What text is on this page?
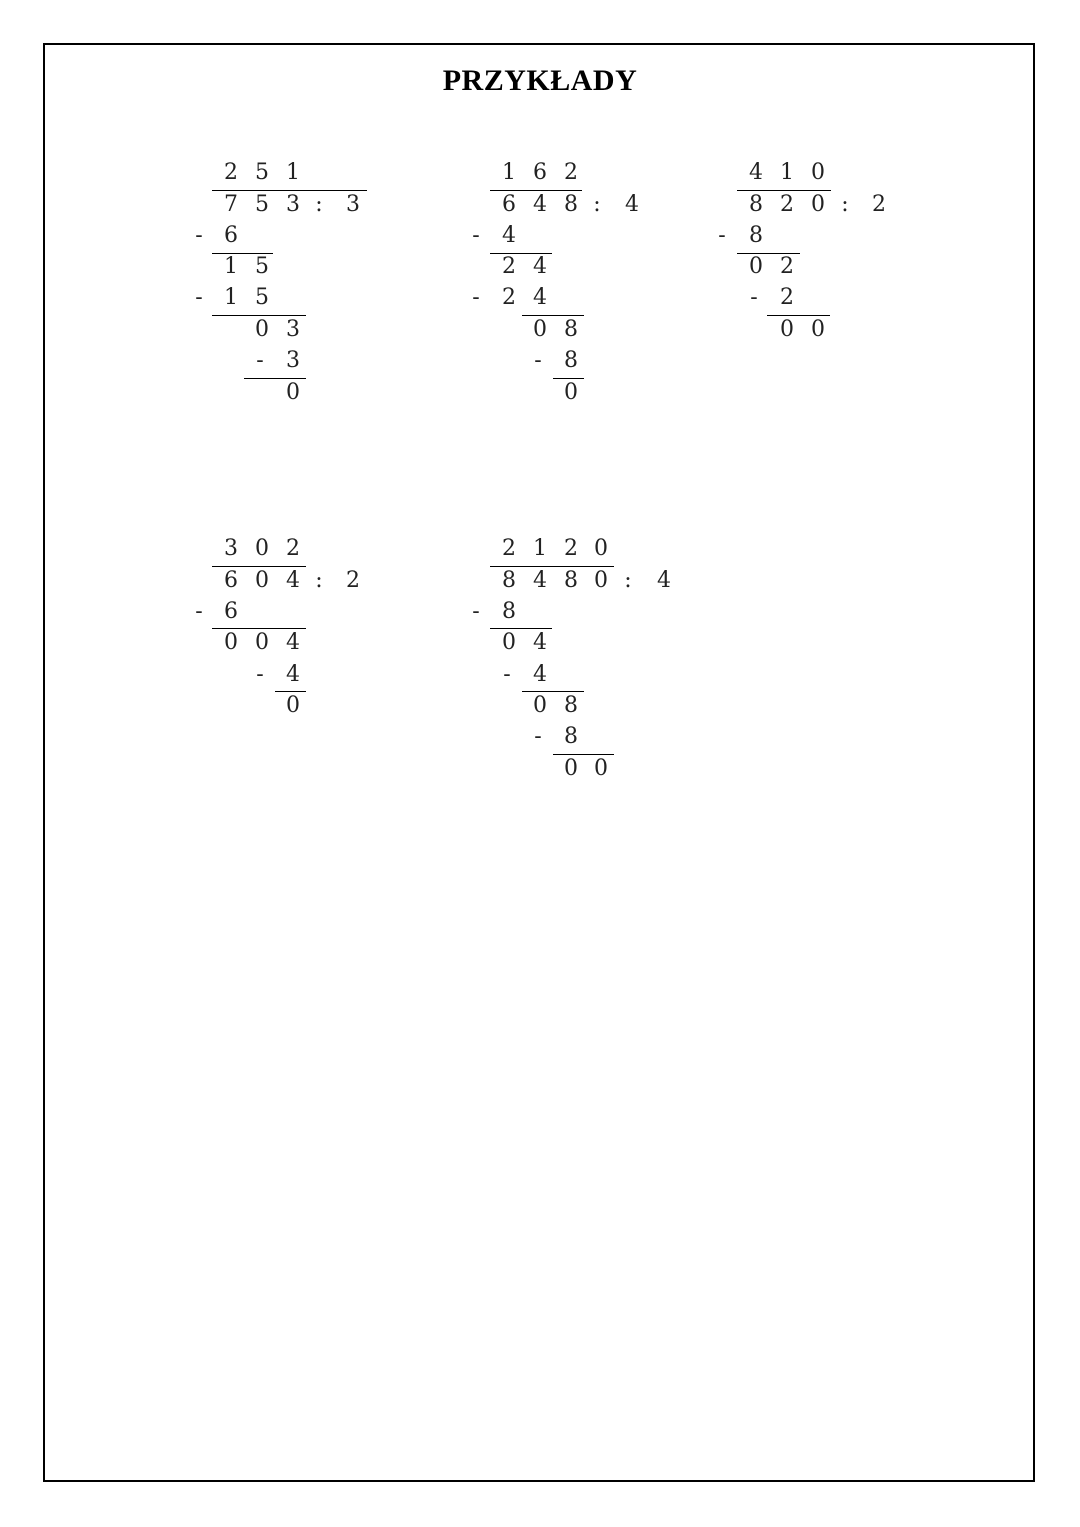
PRZYKŁADY
2 5 1
7 5 3 : 3
- 6
1 5
- 1 5
0 3
- 3
0
1 6 2
6 4 8 : 4
- 4
2 4
- 2 4
0 8
- 8
0
4 1 0
8 2 0 : 2
- 8
0 2
- 2
0 0
3 0 2
6 0 4 : 2
- 6
0 0 4
- 4
0
2 1 2 0
8 4 8 0 : 4
- 8
0 4
- 4
0 8
- 8
0 0
